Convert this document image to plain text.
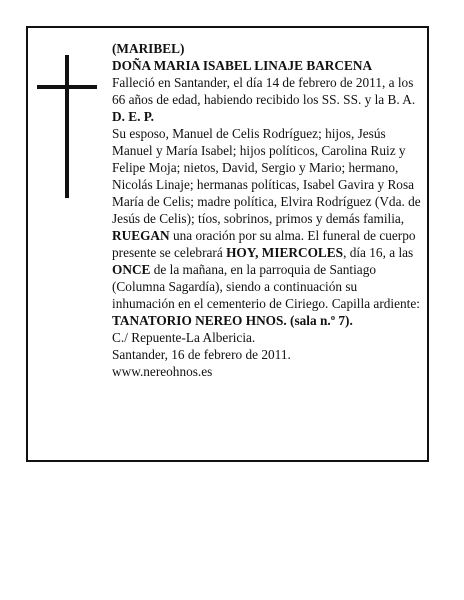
(MARIBEL)

DOÑA MARIA ISABEL LINAJE BARCENA

Falleció en Santander, el día 14 de febrero de 2011, a los 66 años de edad, habiendo recibido los SS. SS. y la B. A.

D. E. P.

Su esposo, Manuel de Celis Rodríguez; hijos, Jesús Manuel y María Isabel; hijos políticos, Carolina Ruiz y Felipe Moja; nietos, David, Sergio y Mario; hermano, Nicolás Linaje; hermanas políticas, Isabel Gavira y Rosa María de Celis; madre política, Elvira Rodríguez (Vda. de Jesús de Celis); tíos, sobrinos, primos y demás familia,

RUEGAN una oración por su alma. El funeral de cuerpo presente se celebrará HOY, MIERCOLES, día 16, a las ONCE de la mañana, en la parroquia de Santiago (Columna Sagardía), siendo a continuación su inhumación en el cementerio de Ciriego. Capilla ardiente: TANATORIO NEREO HNOS. (sala n.º 7).

C./ Repuente-La Albericia.

Santander, 16 de febrero de 2011.

www.nereohnos.es
